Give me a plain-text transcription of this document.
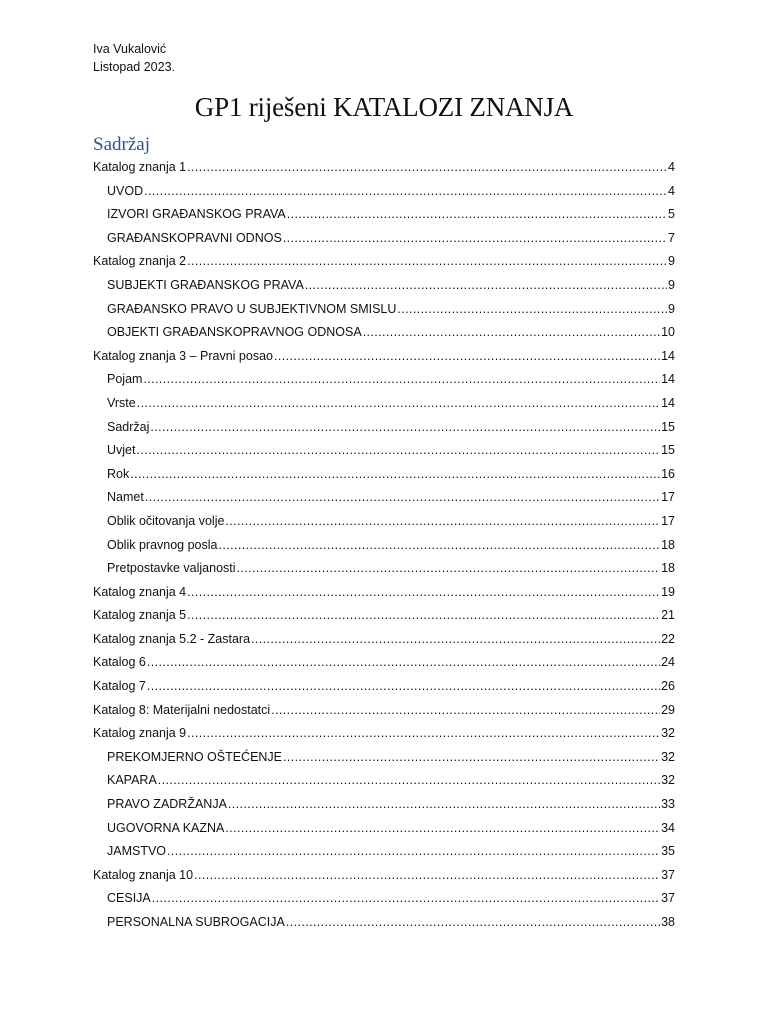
Iva Vukalović
Listopad 2023.
GP1 riješeni KATALOZI ZNANJA
Sadržaj
Katalog znanja 1 .....	4
UVOD .....	4
IZVORI GRAĐANSKOG PRAVA .....	5
GRAĐANSKOPRAVNI ODNOS .....	7
Katalog znanja 2 .....	9
SUBJEKTI GRAĐANSKOG PRAVA .....	9
GRAĐANSKO PRAVO U SUBJEKTIVNOM SMISLU .....	9
OBJEKTI GRAĐANSKOPRAVNOG ODNOSA .....	10
Katalog znanja 3 – Pravni posao .....	14
Pojam .....	14
Vrste .....	14
Sadržaj .....	15
Uvjet .....	15
Rok .....	16
Namet .....	17
Oblik očitovanja volje .....	17
Oblik pravnog posla .....	18
Pretpostavke valjanosti .....	18
Katalog znanja 4 .....	19
Katalog znanja 5 .....	21
Katalog znanja 5.2 - Zastara .....	22
Katalog 6 .....	24
Katalog 7 .....	26
Katalog 8: Materijalni nedostatci .....	29
Katalog znanja 9 .....	32
PREKOMJERNO OŠTEĆENJE .....	32
KAPARA .....	32
PRAVO ZADRŽANJA .....	33
UGOVORNA KAZNA .....	34
JAMSTVO .....	35
Katalog znanja 10 .....	37
CESIJA .....	37
PERSONALNA SUBROGACIJA .....	38
